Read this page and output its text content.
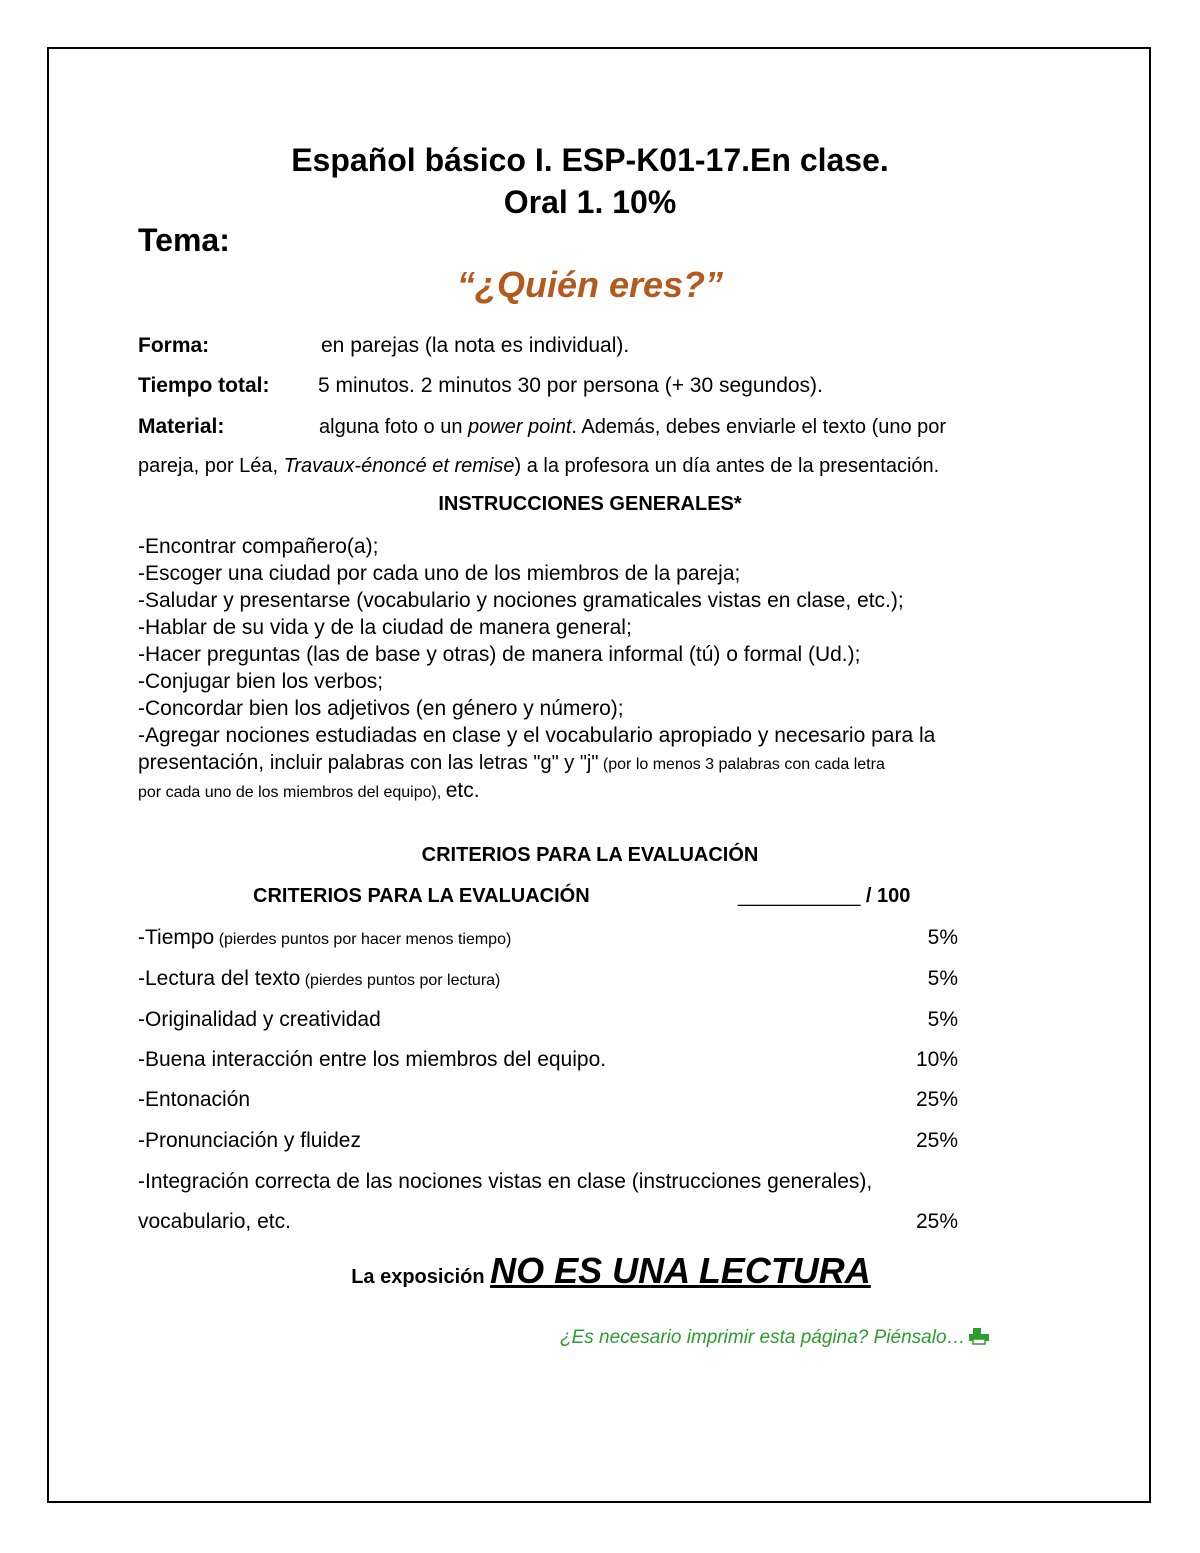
Español básico I. ESP-K01-17.En clase.
Oral 1. 10%
Tema:
“¿Quién eres?”
Forma:	en parejas (la nota es individual).
Tiempo total: 5 minutos. 2 minutos 30 por persona (+ 30 segundos).
Material:	alguna foto o un power point. Además, debes enviarle el texto (uno por
pareja, por Léa, Travaux-énoncé et remise) a la profesora un día antes de la presentación.
INSTRUCCIONES GENERALES*
-Encontrar compañero(a);
-Escoger una ciudad por cada uno de los miembros de la pareja;
-Saludar y presentarse (vocabulario y nociones gramaticales vistas en clase, etc.);
-Hablar de su vida y de la ciudad de manera general;
-Hacer preguntas (las de base y otras) de manera informal (tú) o formal (Ud.);
-Conjugar bien los verbos;
-Concordar bien los adjetivos (en género y número);
-Agregar nociones estudiadas en clase y el vocabulario apropiado y necesario para la
presentación, incluir palabras con las letras "g" y "j" (por lo menos 3 palabras con cada letra
por cada uno de los miembros del equipo), etc.
CRITERIOS PARA LA EVALUACIÓN
CRITERIOS PARA LA EVALUACIÓN	___________ / 100
-Tiempo (pierdes puntos por hacer menos tiempo)	5%
-Lectura del texto (pierdes puntos por lectura)	5%
-Originalidad y creatividad	5%
-Buena interacción entre los miembros del equipo.	10%
-Entonación	25%
-Pronunciación y fluidez	25%
-Integración correcta de las nociones vistas en clase (instrucciones generales),
vocabulario, etc.	25%
La exposición NO ES UNA LECTURA
¿Es necesario imprimir esta página? Piénsalo…
